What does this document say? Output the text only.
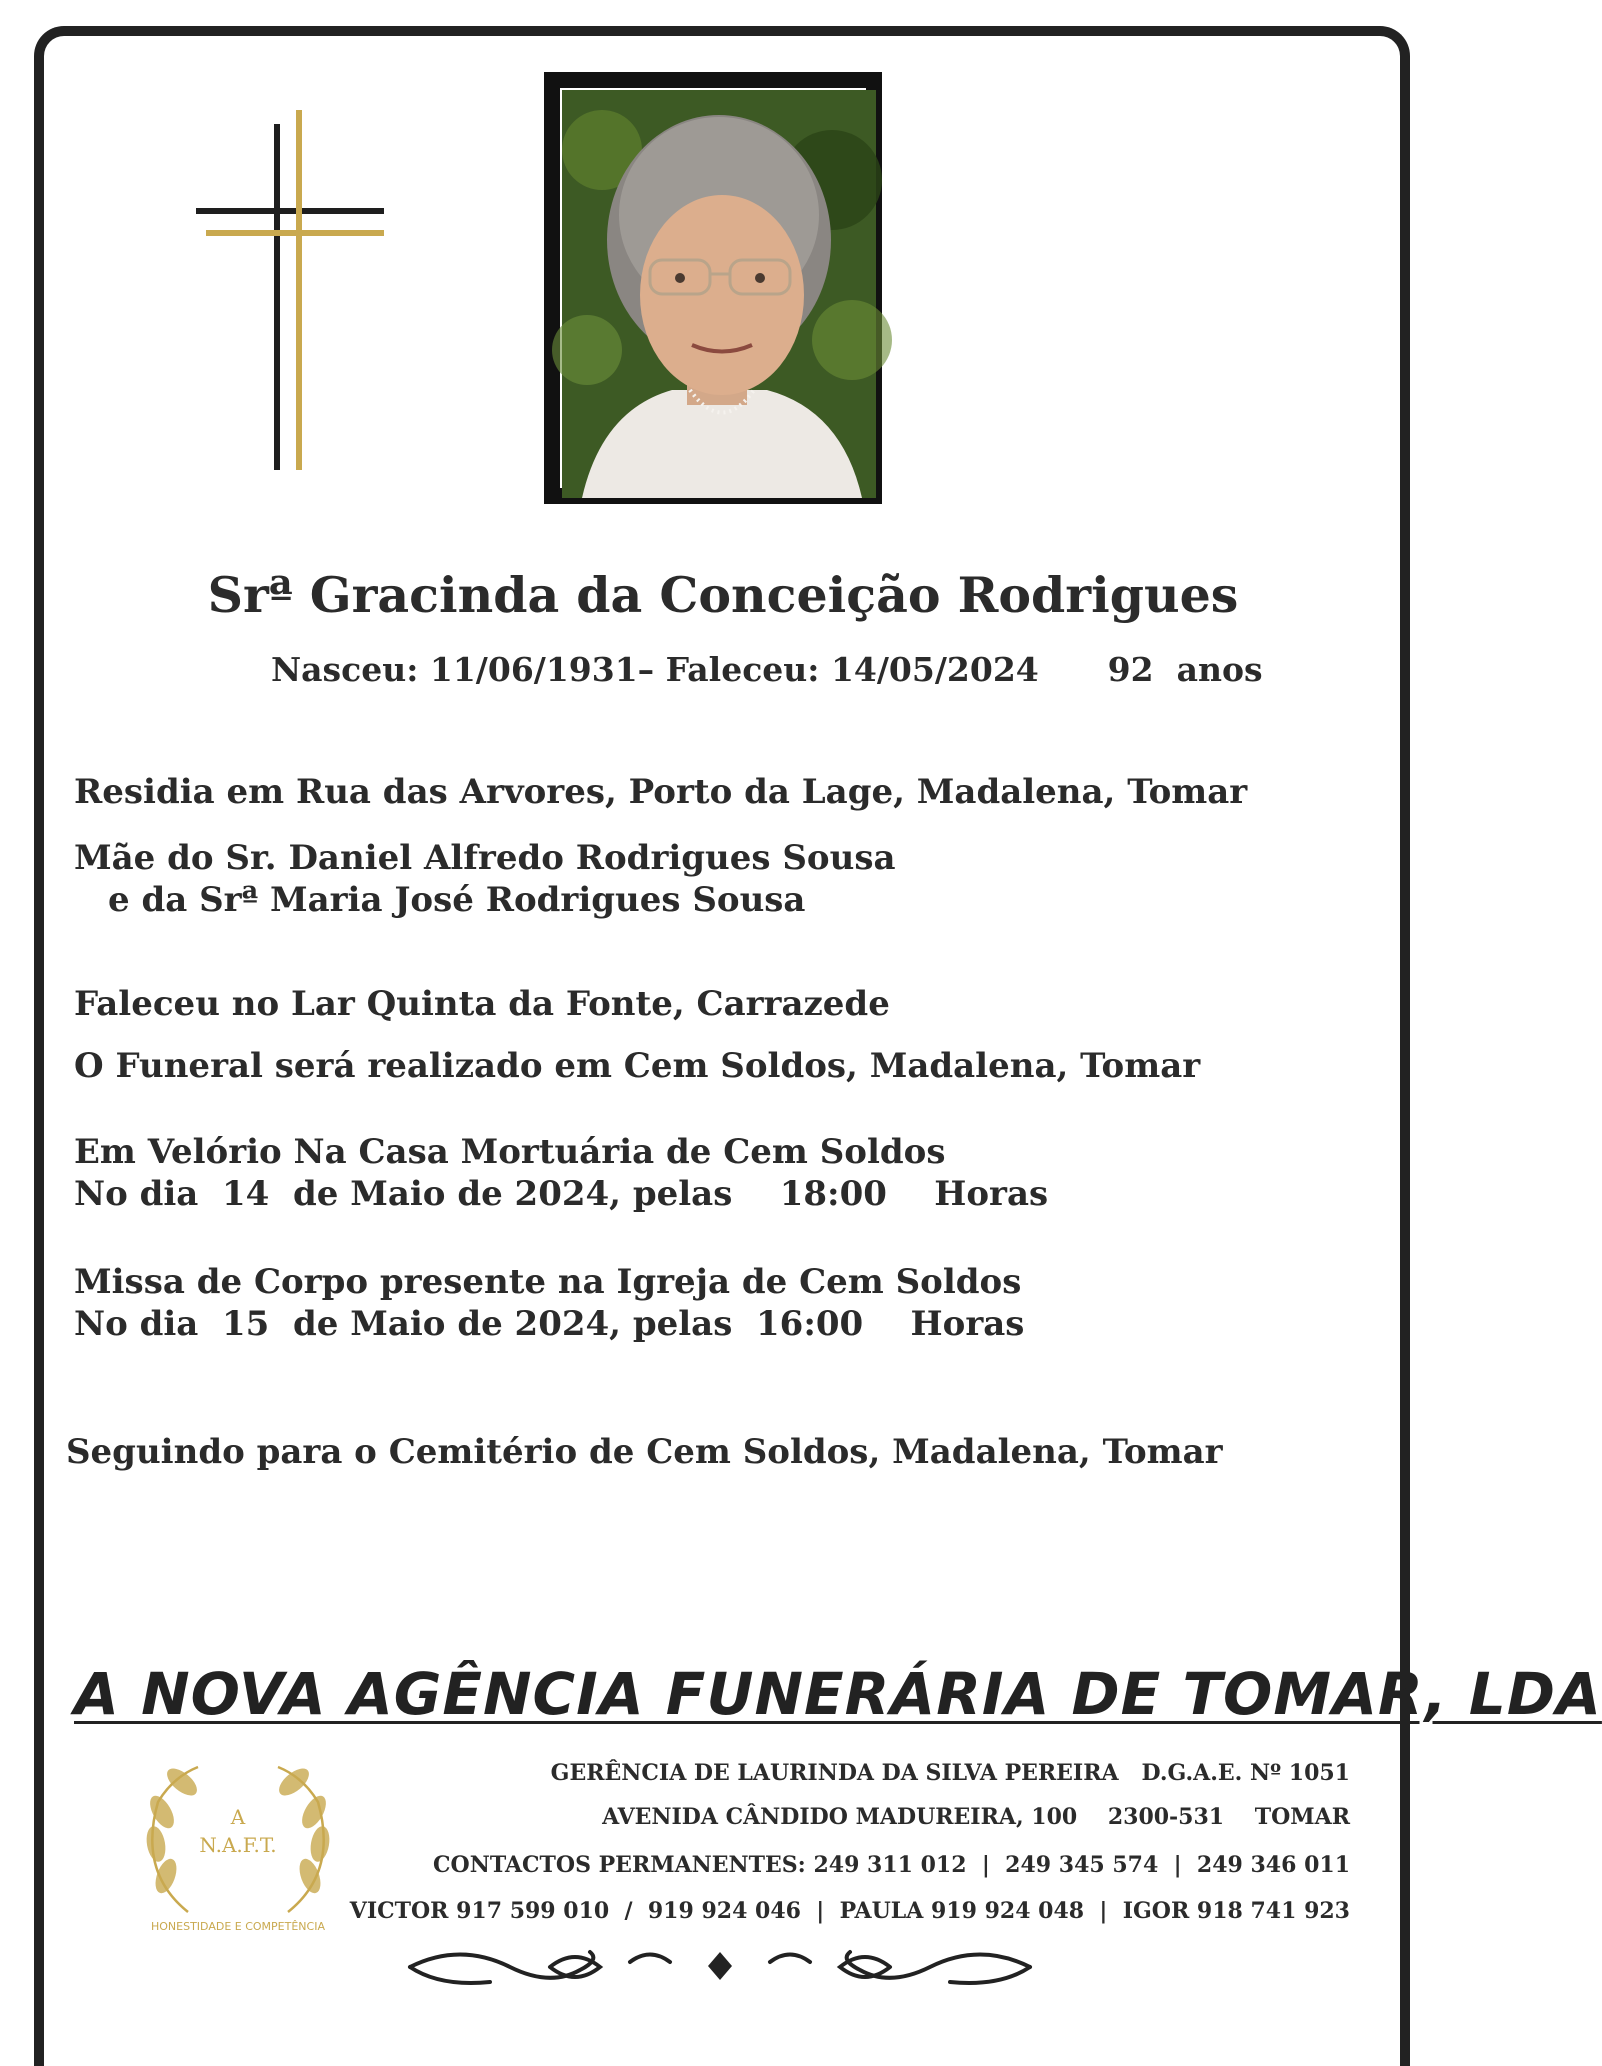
Srª Gracinda da Conceição Rodrigues
Nasceu: 11/06/1931– Faleceu: 14/05/2024      92  anos
Residia em Rua das Arvores, Porto da Lage, Madalena, Tomar
Mãe do Sr. Daniel Alfredo Rodrigues Sousa
e da Srª Maria José Rodrigues Sousa
Faleceu no Lar Quinta da Fonte, Carrazede
O Funeral será realizado em Cem Soldos, Madalena, Tomar
Em Velório Na Casa Mortuária de Cem Soldos
No dia  14  de Maio de 2024, pelas    18:00    Horas
Missa de Corpo presente na Igreja de Cem Soldos
No dia  15  de Maio de 2024, pelas  16:00    Horas
Seguindo para o Cemitério de Cem Soldos, Madalena, Tomar
A NOVA AGÊNCIA FUNERÁRIA DE TOMAR, LDA
GERÊNCIA DE LAURINDA DA SILVA PEREIRA   D.G.A.E. Nº 1051
AVENIDA CÂNDIDO MADUREIRA, 100    2300-531    TOMAR
CONTACTOS PERMANENTES: 249 311 012  |  249 345 574  |  249 346 011
VICTOR 917 599 010  /  919 924 046  |  PAULA 919 924 048  |  IGOR 918 741 923
A
N.A.F.T.
HONESTIDADE E COMPETÊNCIA
